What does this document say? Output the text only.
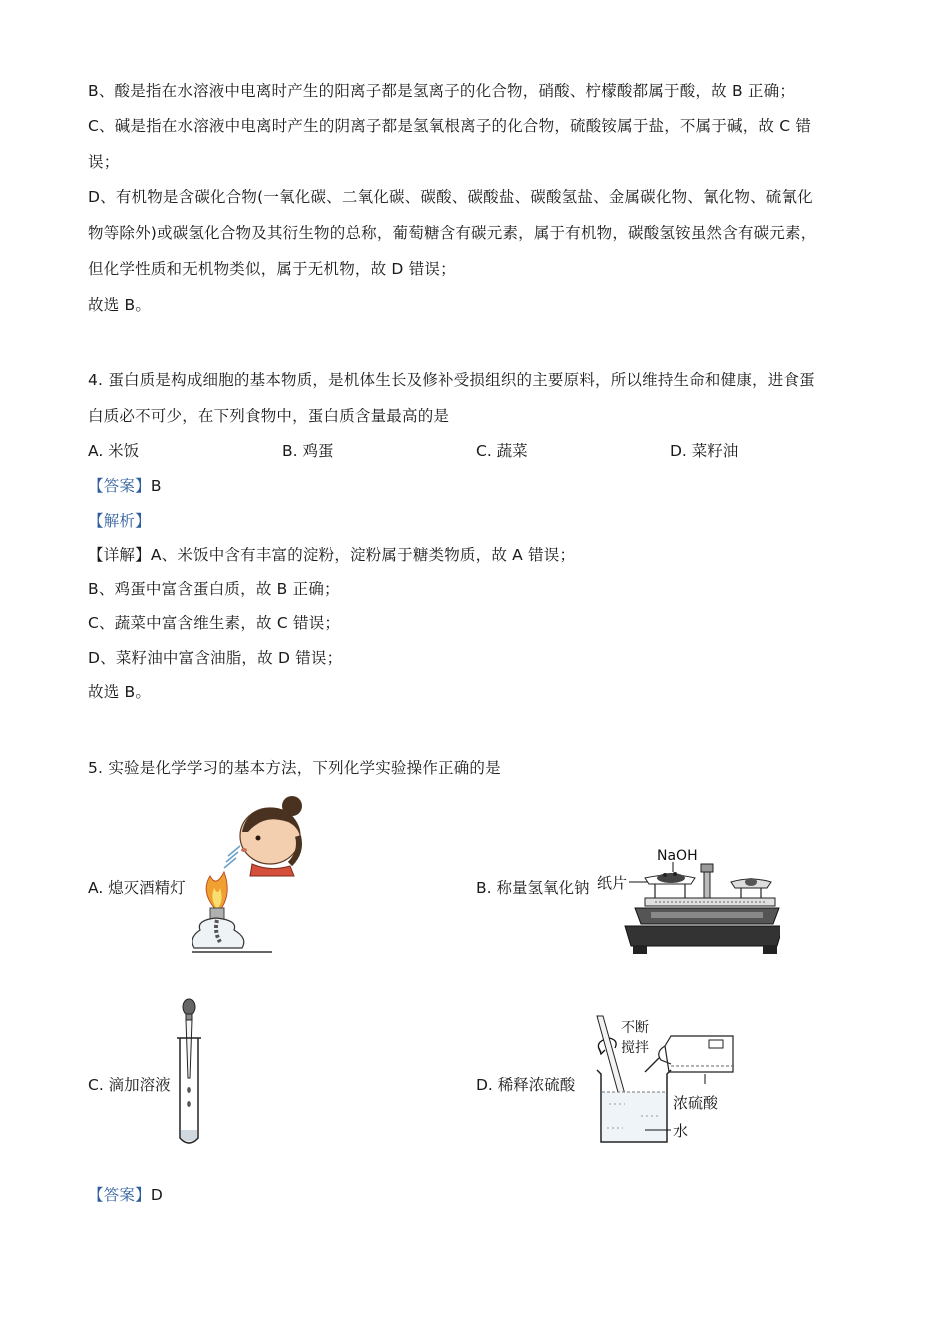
B、酸是指在水溶液中电离时产生的阳离子都是氢离子的化合物，硝酸、柠檬酸都属于酸，故 B 正确；
C、碱是指在水溶液中电离时产生的阴离子都是氢氧根离子的化合物，硫酸铵属于盐，不属于碱，故 C 错
误；
D、有机物是含碳化合物(一氧化碳、二氧化碳、碳酸、碳酸盐、碳酸氢盐、金属碳化物、氰化物、硫氰化
物等除外)或碳氢化合物及其衍生物的总称，葡萄糖含有碳元素，属于有机物，碳酸氢铵虽然含有碳元素，
但化学性质和无机物类似，属于无机物，故 D 错误；
故选 B。
4. 蛋白质是构成细胞的基本物质，是机体生长及修补受损组织的主要原料，所以维持生命和健康，进食蛋
白质必不可少，在下列食物中，蛋白质含量最高的是
A. 米饭	B. 鸡蛋	C. 蔬菜	D. 菜籽油
【答案】B
【解析】
【详解】A、米饭中含有丰富的淀粉，淀粉属于糖类物质，故 A 错误；
B、鸡蛋中富含蛋白质，故 B 正确；
C、蔬菜中富含维生素，故 C 错误；
D、菜籽油中富含油脂，故 D 错误；
故选 B。
5. 实验是化学学习的基本方法，下列化学实验操作正确的是
A. 熄灭酒精灯	B. 称量氢氧化钠
C. 滴加溶液	D. 稀释浓硫酸
NaOH
纸片
不断
搅拌
浓硫酸
水
【答案】D
